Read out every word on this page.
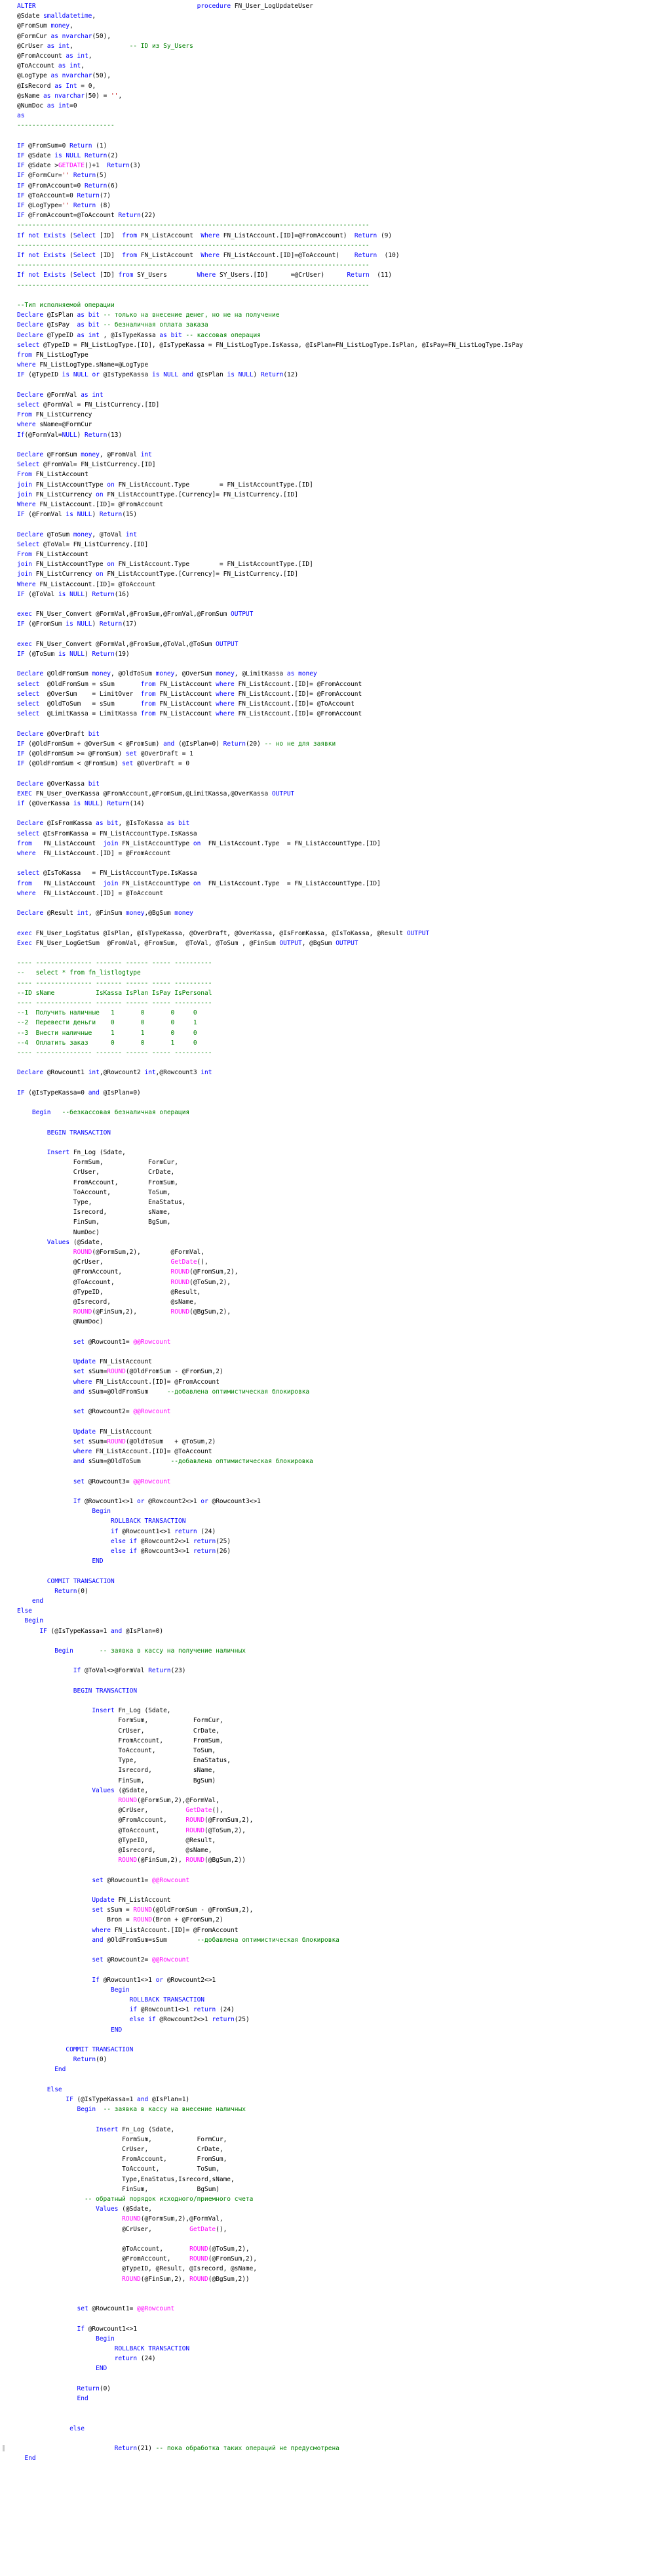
ALTER	procedure FN_User_LogUpdateUser
@Sdate smalldatetime,
@FromSum money,
@FormCur as nvarchar(50),
@CrUser as int,               -- ID из Sy_Users
@FromAccount as int,
@ToAccount as int,
@LogType as nvarchar(50),
@IsRecord as Int = 0,
@sName as nvarchar(50) = '',
@NumDoc as int=0
as
--------------------------
IF @FromSum=0 Return (1)
IF @Sdate is NULL Return(2)
IF @Sdate >GETDATE()+1  Return(3)
IF @FormCur='' Return(5)
IF @FromAccount=0 Return(6)
IF @ToAccount=0 Return(7)
IF @LogType='' Return (8)
IF @FromAccount=@ToAccount Return(22)
----------------------------------------------------------------------------------------------
If not Exists (Select [ID]  from FN_ListAccount  Where FN_ListAccount.[ID]=@FromAccount)  Return (9)
----------------------------------------------------------------------------------------------
If not Exists (Select [ID]  from FN_ListAccount  Where FN_ListAccount.[ID]=@ToAccount)    Return  (10)
----------------------------------------------------------------------------------------------
If not Exists (Select [ID] from SY_Users        Where SY_Users.[ID]      =@CrUser)      Return  (11)
----------------------------------------------------------------------------------------------
--Тип исполняемой операции
Declare @IsPlan as bit -- только на внесение денег, но не на получение
Declare @IsPay  as bit -- безналичная оплата заказа
Declare @TypeID as int , @IsTypeKassa as bit -- кассовая операция
select @TypeID = FN_ListLogType.[ID], @IsTypeKassa = FN_ListLogType.IsKassa, @IsPlan=FN_ListLogType.IsPlan, @IsPay=FN_ListLogType.IsPay
from FN_ListLogType
where FN_ListLogType.sName=@LogType
IF (@TypeID is NULL or @IsTypeKassa is NULL and @IsPlan is NULL) Return(12)
Declare @FormVal as int
select @FormVal = FN_ListCurrency.[ID]
From FN_ListCurrency
where sName=@FormCur
If(@FormVal=NULL) Return(13)
Declare @FromSum money, @FromVal int
Select @FromVal= FN_ListCurrency.[ID]
From FN_ListAccount
join FN_ListAccountType on FN_ListAccount.Type        = FN_ListAccountType.[ID]
join FN_ListCurrency on FN_ListAccountType.[Currency]= FN_ListCurrency.[ID]
Where FN_ListAccount.[ID]= @FromAccount
IF (@FromVal is NULL) Return(15)
Declare @ToSum money, @ToVal int
Select @ToVal= FN_ListCurrency.[ID]
From FN_ListAccount
join FN_ListAccountType on FN_ListAccount.Type        = FN_ListAccountType.[ID]
join FN_ListCurrency on FN_ListAccountType.[Currency]= FN_ListCurrency.[ID]
Where FN_ListAccount.[ID]= @ToAccount
IF (@ToVal is NULL) Return(16)
exec FN_User_Convert @FormVal,@FromSum,@FromVal,@FromSum OUTPUT
IF (@FromSum is NULL) Return(17)
exec FN_User_Convert @FormVal,@FromSum,@ToVal,@ToSum OUTPUT
IF (@ToSum is NULL) Return(19)
Declare @OldFromSum money, @OldToSum money, @OverSum money, @LimitKassa as money
select  @OldFromSum = sSum       from FN_ListAccount where FN_ListAccount.[ID]= @FromAccount
select  @OverSum    = LimitOver  from FN_ListAccount where FN_ListAccount.[ID]= @FromAccount
select  @OldToSum   = sSum       from FN_ListAccount where FN_ListAccount.[ID]= @ToAccount
select  @LimitKassa = LimitKassa from FN_ListAccount where FN_ListAccount.[ID]= @FromAccount
Declare @OverDraft bit
IF (@OldFromSum + @OverSum < @FromSum) and (@IsPlan=0) Return(20) -- но не для заявки
IF (@OldFromSum >= @FromSum) set @OverDraft = 1
IF (@OldFromSum < @FromSum) set @OverDraft = 0
Declare @OverKassa bit
EXEC FN_User_OverKassa @FromAccount,@FromSum,@LimitKassa,@OverKassa OUTPUT
if (@OverKassa is NULL) Return(14)
Declare @IsFromKassa as bit, @IsToKassa as bit
select @IsFromKassa = FN_ListAccountType.IsKassa
from   FN_ListAccount  join FN_ListAccountType on  FN_ListAccount.Type  = FN_ListAccountType.[ID]
where  FN_ListAccount.[ID] = @FromAccount
select @IsToKassa   = FN_ListAccountType.IsKassa
from   FN_ListAccount  join FN_ListAccountType on  FN_ListAccount.Type  = FN_ListAccountType.[ID]
where  FN_ListAccount.[ID] = @ToAccount
Declare @Result int, @FinSum money,@BgSum money
exec FN_User_LogStatus @IsPlan, @IsTypeKassa, @OverDraft, @OverKassa, @IsFromKassa, @IsToKassa, @Result OUTPUT
Exec FN_User_LogGetSum  @FromVal, @FromSum,  @ToVal, @ToSum , @FinSum OUTPUT, @BgSum OUTPUT
---- --------------- ------- ------ ----- ----------
--   select * from fn_listlogtype
---- --------------- ------- ------ ----- ----------
--ID sName           IsKassa IsPlan IsPay IsPersonal
---- --------------- ------- ------ ----- ----------
--1  Получить наличные   1       0       0     0
--2  Перевести деньги    0       0       0     1
--3  Внести наличные     1       1       0     0
--4  Оплатить заказ      0       0       1     0
---- --------------- ------- ------ ----- ----------
Declare @Rowcount1 int,@Rowcount2 int,@Rowcount3 int
IF (@IsTypeKassa=0 and @IsPlan=0)
Begin --безкассовая безналичная операция
BEGIN TRANSACTION
Insert Fn_Log (Sdate,
FormSum,            FormCur,
CrUser,             CrDate,
FromAccount,        FromSum,
ToAccount,          ToSum,
Type,               EnaStatus,
Isrecord,           sName,
FinSum,             BgSum,
NumDoc)
Values (@Sdate,
ROUND(@FormSum,2),        @FormVal,
@CrUser,                  GetDate(),
@FromAccount,             ROUND(@FromSum,2),
@ToAccount,               ROUND(@ToSum,2),
@TypeID,                  @Result,
@Isrecord,                @sName,
ROUND(@FinSum,2),         ROUND(@BgSum,2),
@NumDoc)
set @Rowcount1= @@Rowcount
Update FN_ListAccount
set sSum=ROUND(@OldFromSum - @FromSum,2)
where FN_ListAccount.[ID]= @FromAccount
and sSum=@OldFromSum     --добавлена оптимистическая блокировка
set @Rowcount2= @@Rowcount
Update FN_ListAccount
set sSum=ROUND(@OldToSum   + @ToSum,2)
where FN_ListAccount.[ID]= @ToAccount
and sSum=@OldToSum        --добавлена оптимистическая блокировка
set @Rowcount3= @@Rowcount
If @Rowcount1<>1 or @Rowcount2<>1 or @Rowcount3<>1
Begin
ROLLBACK TRANSACTION
if @Rowcount1<>1 return (24)
else if @Rowcount2<>1 return(25)
else if @Rowcount3<>1 return(26)
END
COMMIT TRANSACTION
Return(0)
end
Else
Begin
IF (@IsTypeKassa=1 and @IsPlan=0)
Begin	-- заявка в кассу на получение наличных
If @ToVal<>@FormVal Return(23)
BEGIN TRANSACTION
Insert Fn_Log (Sdate,
FormSum,            FormCur,
CrUser,             CrDate,
FromAccount,        FromSum,
ToAccount,          ToSum,
Type,               EnaStatus,
Isrecord,           sName,
FinSum,             BgSum)
Values (@Sdate,
ROUND(@FormSum,2),@FormVal,
@CrUser,          GetDate(),
@FromAccount,     ROUND(@FromSum,2),
@ToAccount,       ROUND(@ToSum,2),
@TypeID,          @Result,
@Isrecord,        @sName,
ROUND(@FinSum,2), ROUND(@BgSum,2))
set @Rowcount1= @@Rowcount
Update FN_ListAccount
set sSum = ROUND(@OldFromSum - @FromSum,2),
Bron = ROUND(Bron + @FromSum,2)
where FN_ListAccount.[ID]= @FromAccount
and @OldFromSum=sSum        --добавлена оптимистическая блокировка
set @Rowcount2= @@Rowcount
If @Rowcount1<>1 or @Rowcount2<>1
Begin
ROLLBACK TRANSACTION
if @Rowcount1<>1 return (24)
else if @Rowcount2<>1 return(25)
END
COMMIT TRANSACTION
Return(0)
End
Else
IF (@IsTypeKassa=1 and @IsPlan=1)
Begin -- заявка в кассу на внесение наличных
Insert Fn_Log (Sdate,
FormSum,            FormCur,
CrUser,             CrDate,
FromAccount,        FromSum,
ToAccount,          ToSum,
Type,EnaStatus,Isrecord,sName,
FinSum,             BgSum)
-- обратный порядок исходного/приемного счета
Values (@Sdate,
ROUND(@FormSum,2),@FormVal,
@CrUser,          GetDate(),
@ToAccount,       ROUND(@ToSum,2),
@FromAccount,     ROUND(@FromSum,2),
@TypeID, @Result, @Isrecord, @sName,
ROUND(@FinSum,2), ROUND(@BgSum,2))
set @Rowcount1= @@Rowcount
If @Rowcount1<>1
Begin
ROLLBACK TRANSACTION
return (24)
END
Return(0)
End
else
Return(21) -- пока обработка таких операций не предусмотрена
End
